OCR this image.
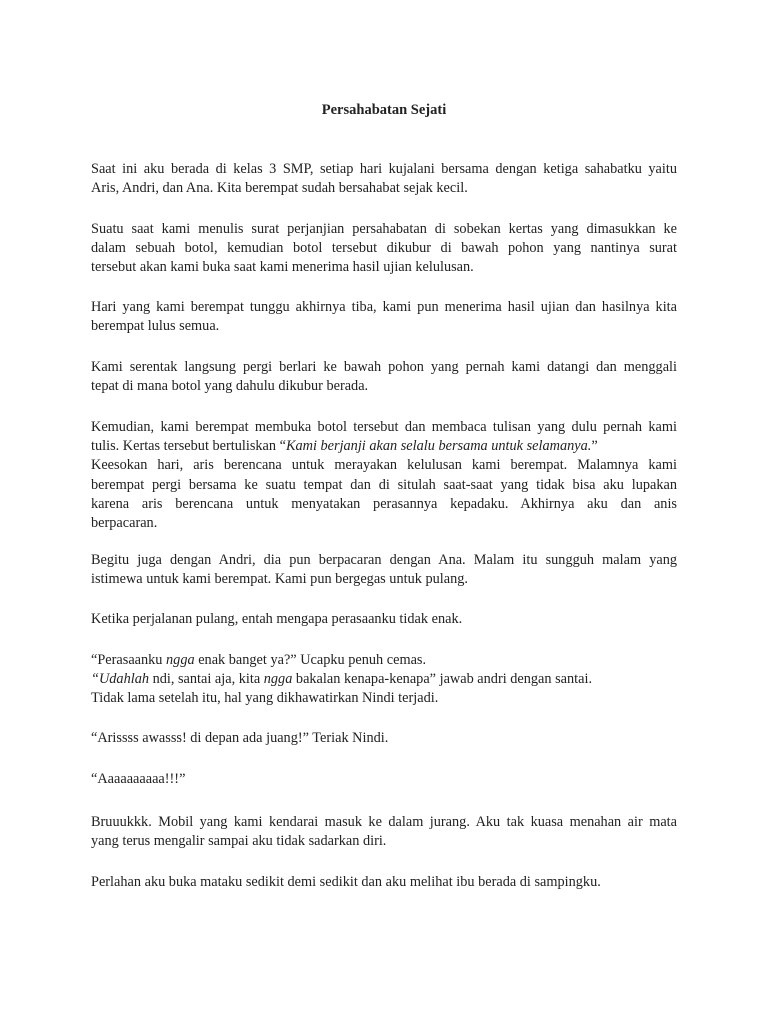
Persahabatan Sejati
Saat ini aku berada di kelas 3 SMP, setiap hari kujalani bersama dengan ketiga sahabatku yaitu
Aris, Andri, dan Ana. Kita berempat sudah bersahabat sejak kecil.
Suatu saat kami menulis surat perjanjian persahabatan di sobekan kertas yang dimasukkan ke
dalam sebuah botol, kemudian botol tersebut dikubur di bawah pohon yang nantinya surat
tersebut akan kami buka saat kami menerima hasil ujian kelulusan.
Hari yang kami berempat tunggu akhirnya tiba, kami pun menerima hasil ujian dan hasilnya kita
berempat lulus semua.
Kami serentak langsung pergi berlari ke bawah pohon yang pernah kami datangi dan menggali
tepat di mana botol yang dahulu dikubur berada.
Kemudian, kami berempat membuka botol tersebut dan membaca tulisan yang dulu pernah kami
tulis. Kertas tersebut bertuliskan “Kami berjanji akan selalu bersama untuk selamanya.”
Keesokan hari, aris berencana untuk merayakan kelulusan kami berempat. Malamnya kami
berempat pergi bersama ke suatu tempat dan di situlah saat-saat yang tidak bisa aku lupakan
karena aris berencana untuk menyatakan perasannya kepadaku. Akhirnya aku dan anis
berpacaran.
Begitu juga dengan Andri, dia pun berpacaran dengan Ana. Malam itu sungguh malam yang
istimewa untuk kami berempat. Kami pun bergegas untuk pulang.
Ketika perjalanan pulang, entah mengapa perasaanku tidak enak.
“Perasaanku ngga enak banget ya?” Ucapku penuh cemas.
“Udahlah ndi, santai aja, kita ngga bakalan kenapa-kenapa” jawab andri dengan santai.
Tidak lama setelah itu, hal yang dikhawatirkan Nindi terjadi.
“Arissss awasss! di depan ada juang!” Teriak Nindi.
“Aaaaaaaaaa!!!”
Bruuukkk. Mobil yang kami kendarai masuk ke dalam jurang. Aku tak kuasa menahan air mata
yang terus mengalir sampai aku tidak sadarkan diri.
Perlahan aku buka mataku sedikit demi sedikit dan aku melihat ibu berada di sampingku.
